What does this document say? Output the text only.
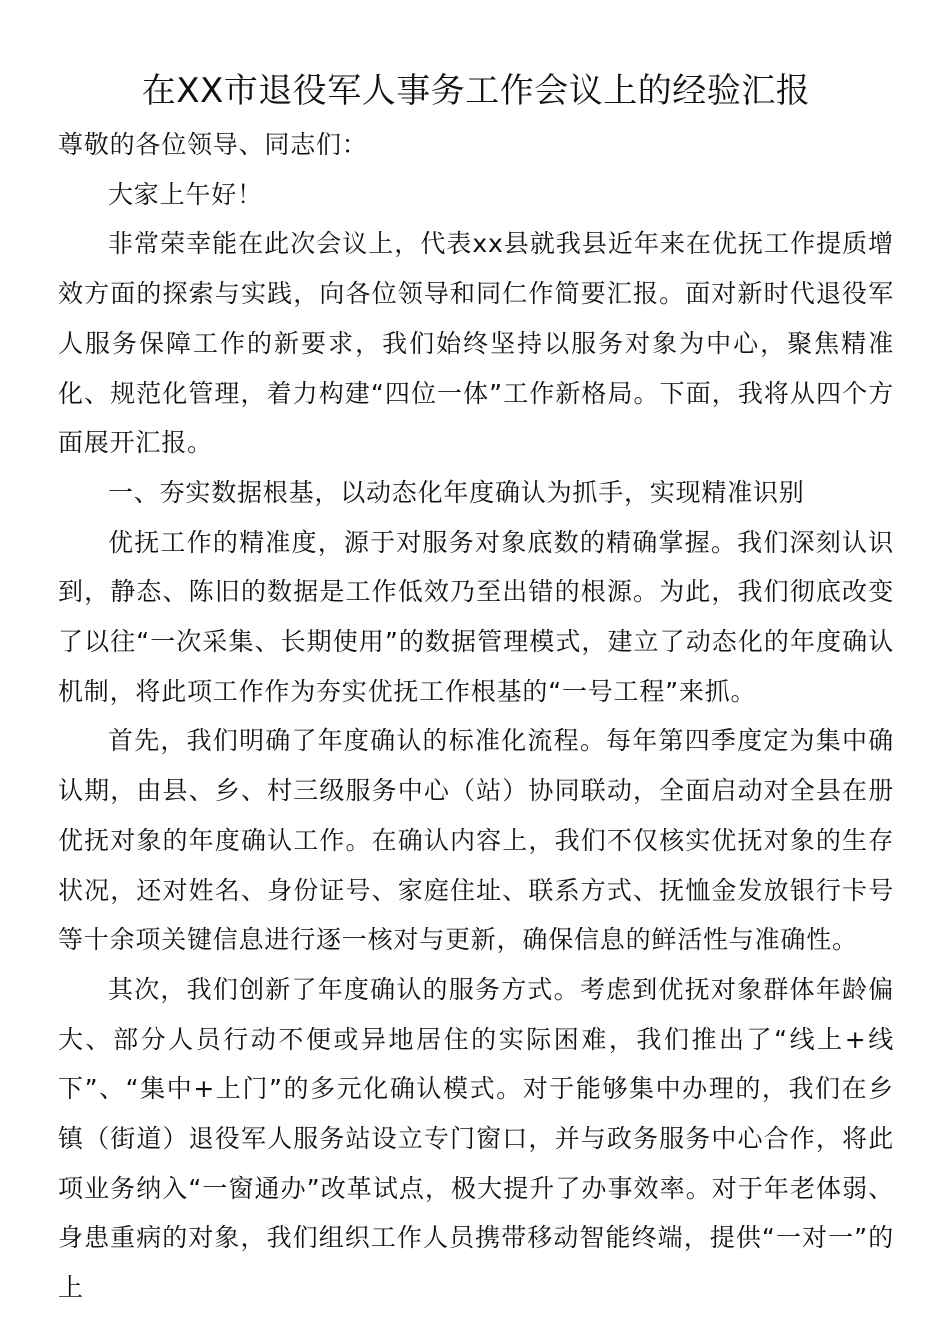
在XX市退役军人事务工作会议上的经验汇报

尊敬的各位领导、同志们：

大家上午好！

非常荣幸能在此次会议上，代表xx县就我县近年来在优抚工作提质增效方面的探索与实践，向各位领导和同仁作简要汇报。面对新时代退役军人服务保障工作的新要求，我们始终坚持以服务对象为中心，聚焦精准化、规范化管理，着力构建“四位一体”工作新格局。下面，我将从四个方面展开汇报。

一、夯实数据根基，以动态化年度确认为抓手，实现精准识别

优抚工作的精准度，源于对服务对象底数的精确掌握。我们深刻认识到，静态、陈旧的数据是工作低效乃至出错的根源。为此，我们彻底改变了以往“一次采集、长期使用”的数据管理模式，建立了动态化的年度确认机制，将此项工作作为夯实优抚工作根基的“一号工程”来抓。

首先，我们明确了年度确认的标准化流程。每年第四季度定为集中确认期，由县、乡、村三级服务中心（站）协同联动，全面启动对全县在册优抚对象的年度确认工作。在确认内容上，我们不仅核实优抚对象的生存状况，还对姓名、身份证号、家庭住址、联系方式、抚恤金发放银行卡号等十余项关键信息进行逐一核对与更新，确保信息的鲜活性与准确性。

其次，我们创新了年度确认的服务方式。考虑到优抚对象群体年龄偏大、部分人员行动不便或异地居住的实际困难，我们推出了“线上+线下”、“集中+上门”的多元化确认模式。对于能够集中办理的，我们在乡镇（街道）退役军人服务站设立专门窗口，并与政务服务中心合作，将此项业务纳入“一窗通办”改革试点，极大提升了办事效率。对于年老体弱、身患重病的对象，我们组织工作人员携带移动智能终端，提供“一对一”的上
